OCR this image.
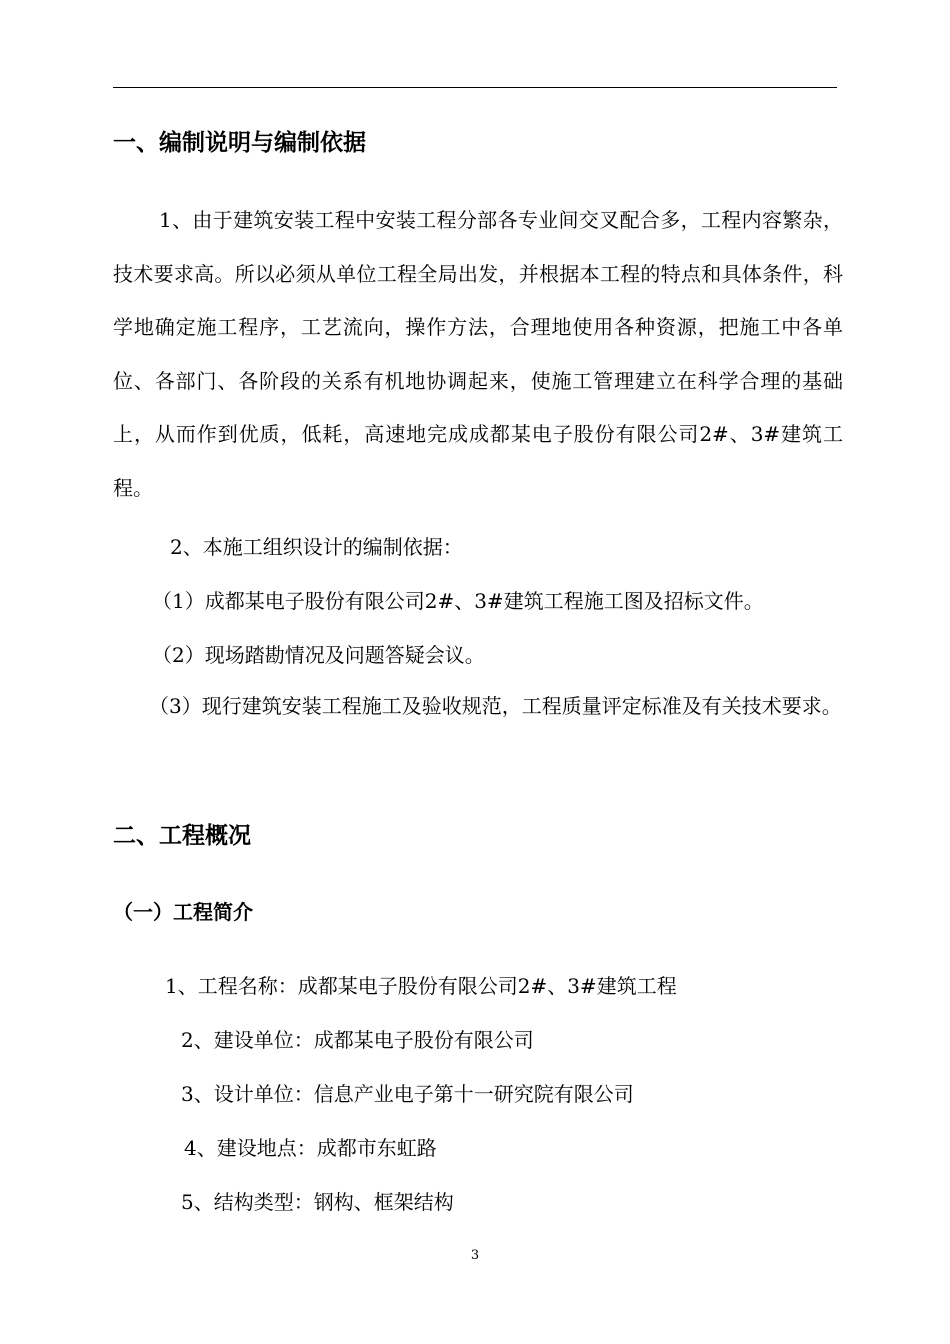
一、编制说明与编制依据

1、由于建筑安装工程中安装工程分部各专业间交叉配合多，工程内容繁杂，技术要求高。所以必须从单位工程全局出发，并根据本工程的特点和具体条件，科学地确定施工程序，工艺流向，操作方法，合理地使用各种资源，把施工中各单位、各部门、各阶段的关系有机地协调起来，使施工管理建立在科学合理的基础上，从而作到优质，低耗，高速地完成成都某电子股份有限公司2#、3#建筑工程。

2、本施工组织设计的编制依据：

（1）成都某电子股份有限公司2#、3#建筑工程施工图及招标文件。

（2）现场踏勘情况及问题答疑会议。

（3）现行建筑安装工程施工及验收规范，工程质量评定标准及有关技术要求。

二、工程概况
（一）工程简介

1、工程名称：成都某电子股份有限公司2#、3#建筑工程

2、建设单位：成都某电子股份有限公司

3、设计单位：信息产业电子第十一研究院有限公司

4、建设地点：成都市东虹路

5、结构类型：钢构、框架结构

3
